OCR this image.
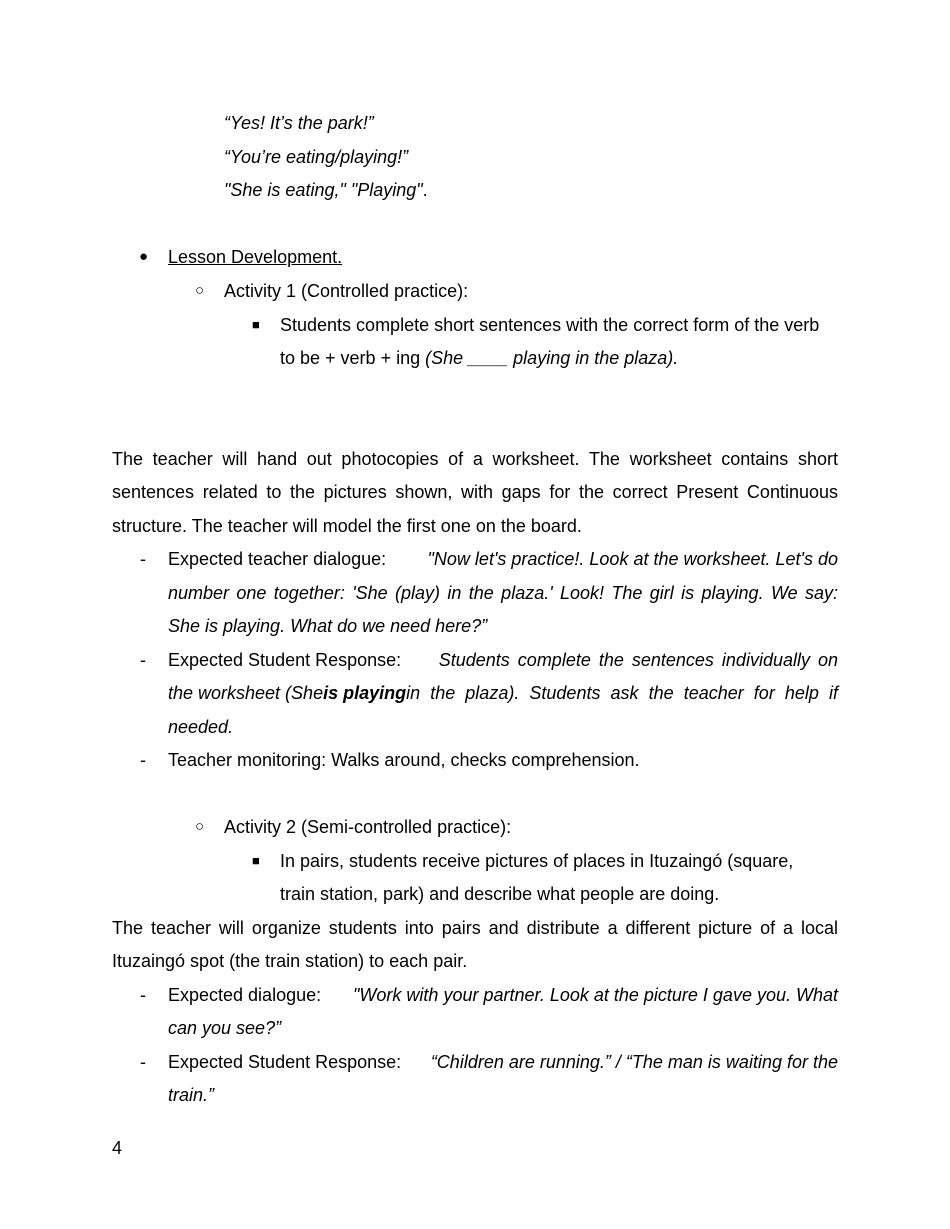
“Yes! It’s the park!”
“You’re eating/playing!”
"She is eating," "Playing".
● Lesson Development.
○ Activity 1 (Controlled practice):
■ Students complete short sentences with the correct form of the verb
to be + verb + ing (She ____ playing in the plaza).
The teacher will hand out photocopies of a worksheet. The worksheet contains short
sentences related to the pictures shown, with gaps for the correct Present Continuous
structure. The teacher will model the first one on the board.
- Expected teacher dialogue: "Now let's practice!. Look at the worksheet. Let's do
number one together: 'She (play) in the plaza.' Look! The girl is playing. We say:
She is playing. What do we need here?”
- Expected Student Response: Students complete the sentences individually on
the worksheet (She is playing in the plaza). Students ask the teacher for help if
needed.
- Teacher monitoring: Walks around, checks comprehension.
○ Activity 2 (Semi-controlled practice):
■ In pairs, students receive pictures of places in Ituzaingó (square,
train station, park) and describe what people are doing.
The teacher will organize students into pairs and distribute a different picture of a local
Ituzaingó spot (the train station) to each pair.
- Expected dialogue: "Work with your partner. Look at the picture I gave you. What
can you see?”
- Expected Student Response: “Children are running.” / “The man is waiting for the
train.”
4
